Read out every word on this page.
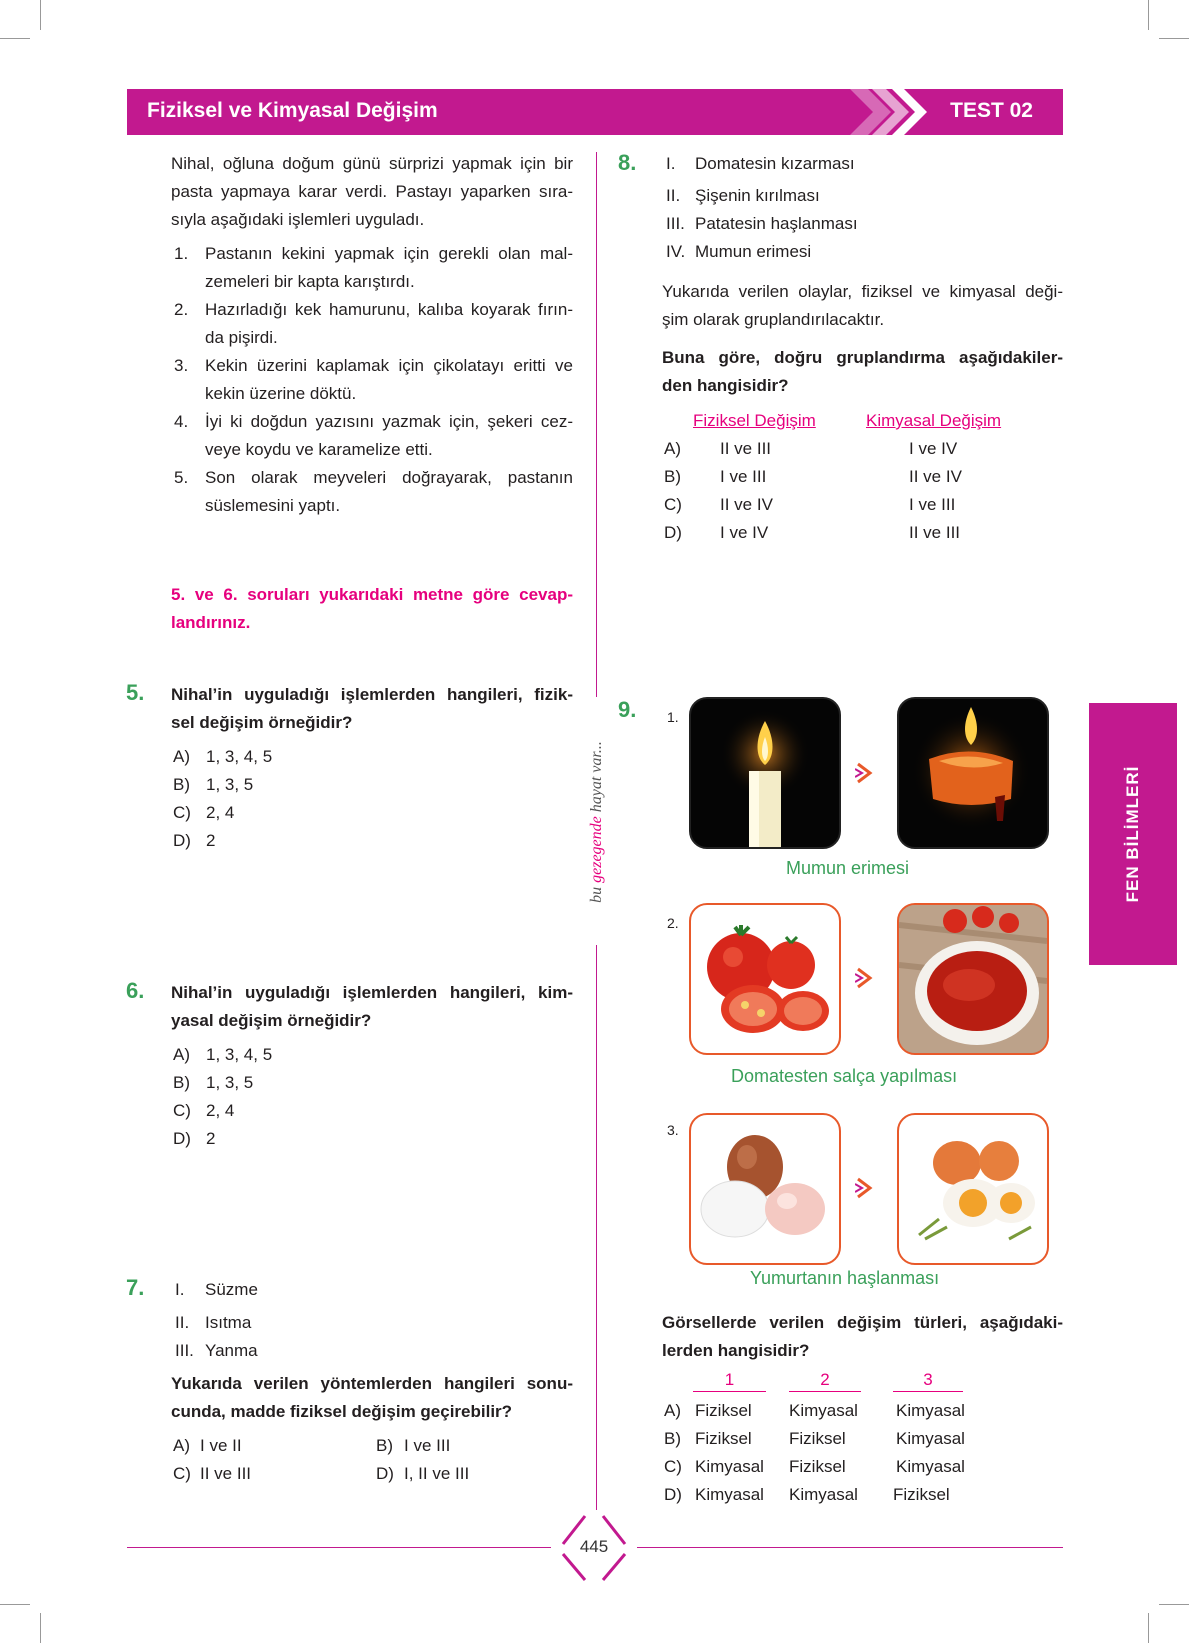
Fiziksel ve Kimyasal Değişim	TEST 02
bu gezegende hayat var...
Nihal, oğluna doğum günü sürprizi yapmak için bir
pasta yapmaya karar verdi. Pastayı yaparken sıra-
sıyla aşağıdaki işlemleri uyguladı.
1. Pastanın kekini yapmak için gerekli olan mal-
zemeleri bir kapta karıştırdı.
2. Hazırladığı kek hamurunu, kalıba koyarak fırın-
da pişirdi.
3. Kekin üzerini kaplamak için çikolatayı eritti ve
kekin üzerine döktü.
4. İyi ki doğdun yazısını yazmak için, şekeri cez-
veye koydu ve karamelize etti.
5. Son olarak meyveleri doğrayarak, pastanın
süslemesini yaptı.
5. ve 6. soruları yukarıdaki metne göre cevap-
landırınız.
5. Nihal’in uyguladığı işlemlerden hangileri, fizik-
sel değişim örneğidir?
A) 1, 3, 4, 5
B) 1, 3, 5
C) 2, 4
D) 2
6. Nihal’in uyguladığı işlemlerden hangileri, kim-
yasal değişim örneğidir?
A) 1, 3, 4, 5
B) 1, 3, 5
C) 2, 4
D) 2
7. I. Süzme
II. Isıtma
III. Yanma
Yukarıda verilen yöntemlerden hangileri sonu-
cunda, madde fiziksel değişim geçirebilir?
A) I ve II	B) I ve III
C) II ve III	D) I, II ve III
8. I. Domatesin kızarması
II. Şişenin kırılması
III. Patatesin haşlanması
IV. Mumun erimesi
Yukarıda verilen olaylar, fiziksel ve kimyasal deği-
şim olarak gruplandırılacaktır.
Buna göre, doğru gruplandırma aşağıdakiler-
den hangisidir?
Fiziksel Değişim	Kimyasal Değişim
A) II ve III	I ve IV
B) I ve III	II ve IV
C) II ve IV	I ve III
D) I ve IV	II ve III
9. 1.
Mumun erimesi
2.
Domatesten salça yapılması
3.
Yumurtanın haşlanması
Görsellerde verilen değişim türleri, aşağıdaki-
lerden hangisidir?
1	2	3
A) Fiziksel Kimyasal Kimyasal
B) Fiziksel Fiziksel	Kimyasal
C) Kimyasal Fiziksel	Kimyasal
D) Kimyasal Kimyasal Fiziksel
FEN BİLİMLERİ
445
